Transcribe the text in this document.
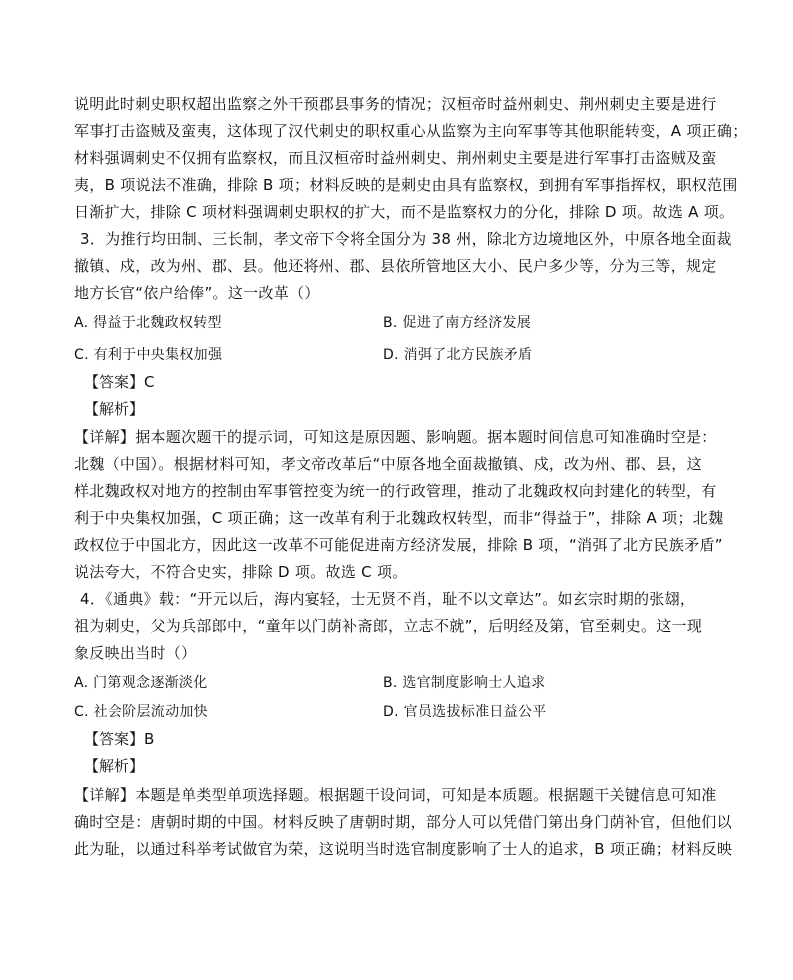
说明此时刺史职权超出监察之外干预郡县事务的情况；汉桓帝时益州刺史、荆州刺史主要是进行
军事打击盗贼及蛮夷，这体现了汉代刺史的职权重心从监察为主向军事等其他职能转变，A 项正确；
材料强调刺史不仅拥有监察权，而且汉桓帝时益州刺史、荆州刺史主要是进行军事打击盗贼及蛮
夷，B 项说法不准确，排除 B 项；材料反映的是刺史由具有监察权，到拥有军事指挥权，职权范围
日渐扩大，排除 C 项材料强调刺史职权的扩大，而不是监察权力的分化，排除 D 项。故选 A 项。
3．为推行均田制、三长制，孝文帝下令将全国分为 38 州，除北方边境地区外，中原各地全面裁
撤镇、戍，改为州、郡、县。他还将州、郡、县依所管地区大小、民户多少等，分为三等，规定
地方长官“依户给俸”。这一改革（）
A. 得益于北魏政权转型	B. 促进了南方经济发展
C. 有利于中央集权加强	D. 消弭了北方民族矛盾
【答案】C
【解析】
【详解】据本题次题干的提示词，可知这是原因题、影响题。据本题时间信息可知准确时空是：
北魏（中国）。根据材料可知，孝文帝改革后“中原各地全面裁撤镇、戍，改为州、郡、县，这
样北魏政权对地方的控制由军事管控变为统一的行政管理，推动了北魏政权向封建化的转型，有
利于中央集权加强，C 项正确；这一改革有利于北魏政权转型，而非“得益于”，排除 A 项；北魏
政权位于中国北方，因此这一改革不可能促进南方经济发展，排除 B 项，“消弭了北方民族矛盾”
说法夸大，不符合史实，排除 D 项。故选 C 项。
4．《通典》载：“开元以后，海内宴轻，士无贤不肖，耻不以文章达”。如玄宗时期的张翃，
祖为刺史，父为兵部郎中，“童年以门荫补斋郎，立志不就”，后明经及第，官至刺史。这一现
象反映出当时（）
A. 门第观念逐渐淡化	B. 选官制度影响士人追求
C. 社会阶层流动加快	D. 官员选拔标准日益公平
【答案】B
【解析】
【详解】本题是单类型单项选择题。根据题干设问词，可知是本质题。根据题干关键信息可知准
确时空是：唐朝时期的中国。材料反映了唐朝时期，部分人可以凭借门第出身门荫补官，但他们以
此为耻，以通过科举考试做官为荣，这说明当时选官制度影响了士人的追求，B 项正确；材料反映
